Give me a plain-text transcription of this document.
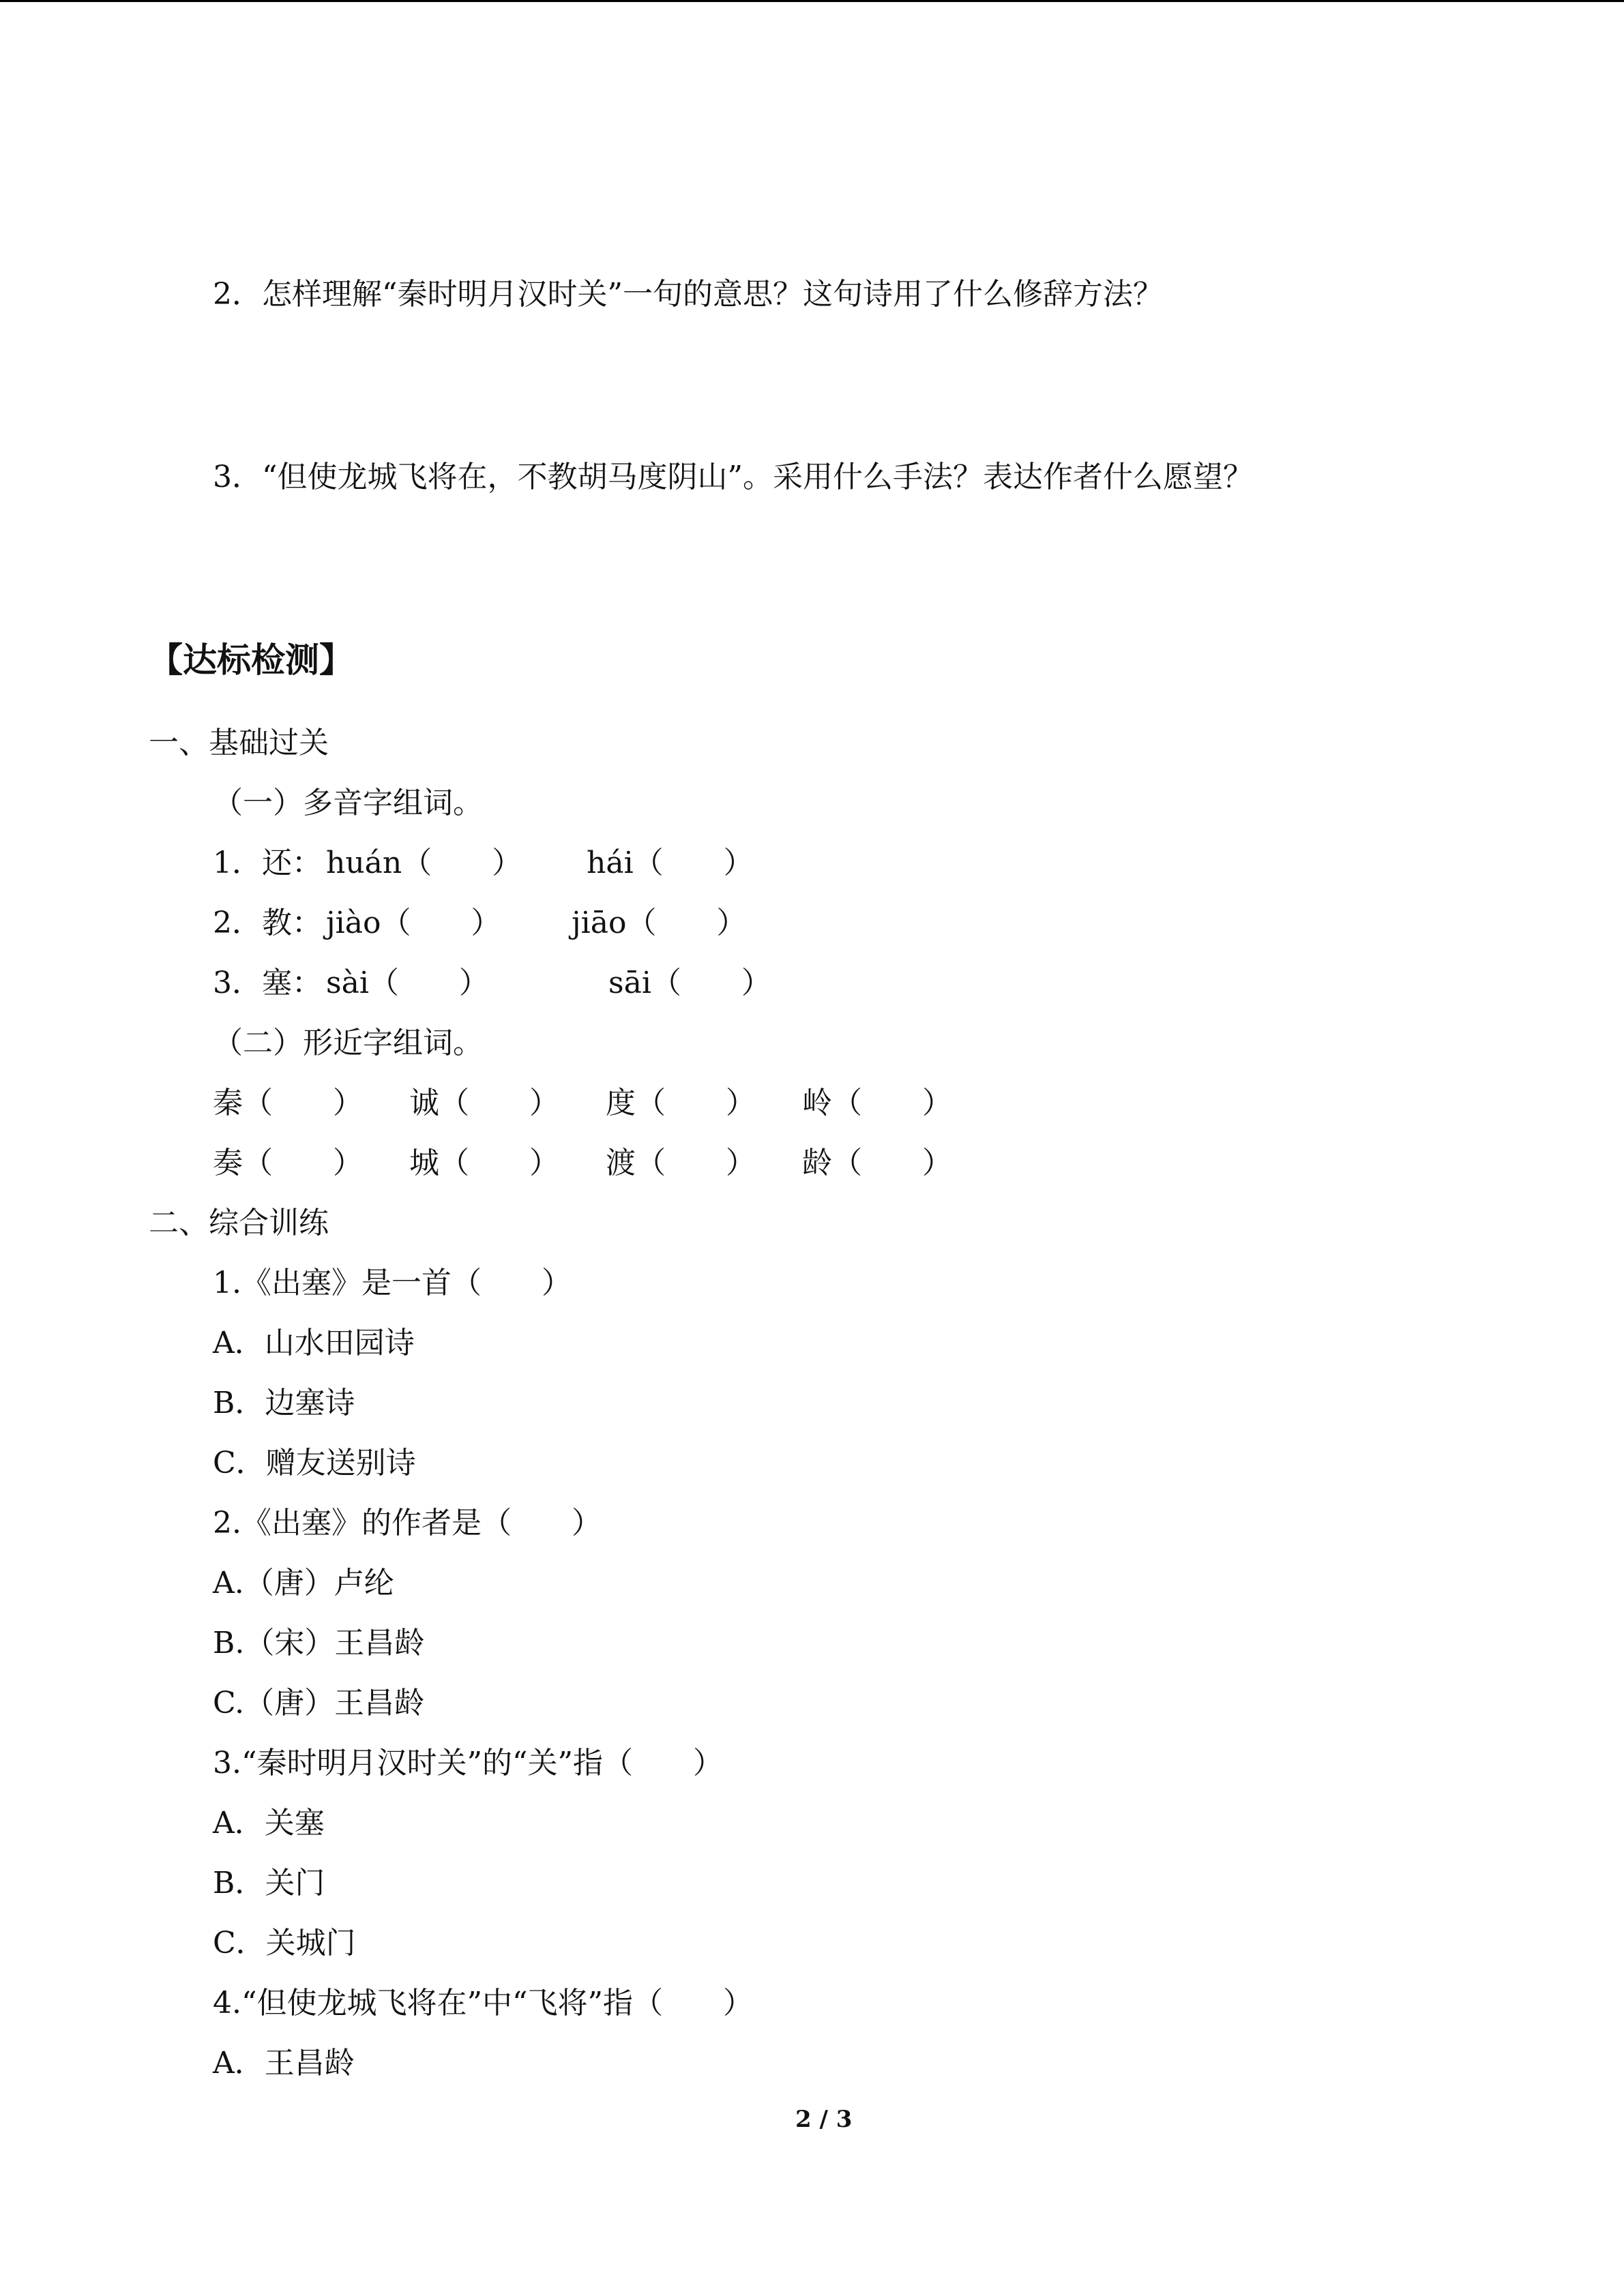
2．怎样理解“秦时明月汉时关”一句的意思？这句诗用了什么修辞方法？
3．“但使龙城飞将在，不教胡马度阴山”。采用什么手法？表达作者什么愿望？
【达标检测】
一、基础过关
（一）多音字组词。
1．还： huán（　　） hái（　　）
2．教： jiào（　　） jiāo（　　）
3．塞： sài（　　）	sāi（　　）
（二）形近字组词。
秦（　　） 诚（　　） 度（　　） 岭（　　）
奏（　　） 城（　　） 渡（　　） 龄（　　）
二、综合训练
1.《出塞》是一首（　　）
A．山水田园诗
B．边塞诗
C．赠友送别诗
2.《出塞》的作者是（　　）
A.（唐）卢纶
B.（宋）王昌龄
C.（唐）王昌龄
3.“秦时明月汉时关”的“关”指（　　）
A．关塞
B．关门
C．关城门
4.“但使龙城飞将在”中“飞将”指（　　）
A．王昌龄
2 / 3
